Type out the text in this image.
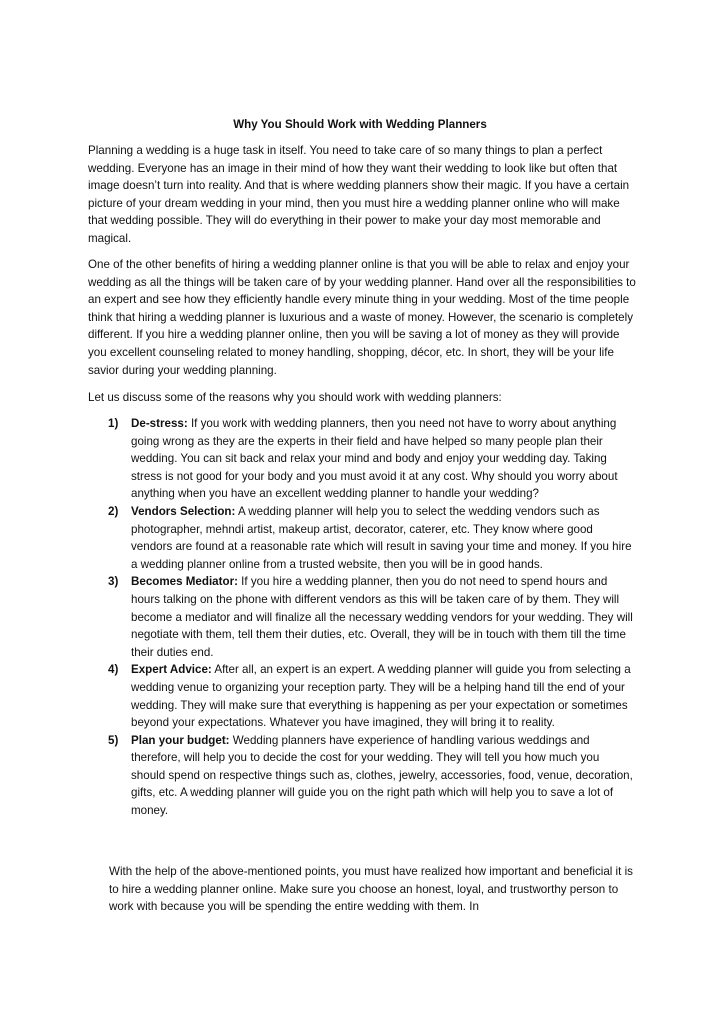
Why You Should Work with Wedding Planners

Planning a wedding is a huge task in itself. You need to take care of so many things to plan a perfect wedding. Everyone has an image in their mind of how they want their wedding to look like but often that image doesn’t turn into reality. And that is where wedding planners show their magic. If you have a certain picture of your dream wedding in your mind, then you must hire a wedding planner online who will make that wedding possible. They will do everything in their power to make your day most memorable and magical.

One of the other benefits of hiring a wedding planner online is that you will be able to relax and enjoy your wedding as all the things will be taken care of by your wedding planner. Hand over all the responsibilities to an expert and see how they efficiently handle every minute thing in your wedding. Most of the time people think that hiring a wedding planner is luxurious and a waste of money. However, the scenario is completely different. If you hire a wedding planner online, then you will be saving a lot of money as they will provide you excellent counseling related to money handling, shopping, décor, etc. In short, they will be your life savior during your wedding planning.

Let us discuss some of the reasons why you should work with wedding planners:

1) De-stress: If you work with wedding planners, then you need not have to worry about anything going wrong as they are the experts in their field and have helped so many people plan their wedding. You can sit back and relax your mind and body and enjoy your wedding day. Taking stress is not good for your body and you must avoid it at any cost. Why should you worry about anything when you have an excellent wedding planner to handle your wedding?
2) Vendors Selection: A wedding planner will help you to select the wedding vendors such as photographer, mehndi artist, makeup artist, decorator, caterer, etc. They know where good vendors are found at a reasonable rate which will result in saving your time and money. If you hire a wedding planner online from a trusted website, then you will be in good hands.
3) Becomes Mediator: If you hire a wedding planner, then you do not need to spend hours and hours talking on the phone with different vendors as this will be taken care of by them. They will become a mediator and will finalize all the necessary wedding vendors for your wedding. They will negotiate with them, tell them their duties, etc. Overall, they will be in touch with them till the time their duties end.
4) Expert Advice: After all, an expert is an expert. A wedding planner will guide you from selecting a wedding venue to organizing your reception party. They will be a helping hand till the end of your wedding. They will make sure that everything is happening as per your expectation or sometimes beyond your expectations. Whatever you have imagined, they will bring it to reality.
5) Plan your budget: Wedding planners have experience of handling various weddings and therefore, will help you to decide the cost for your wedding. They will tell you how much you should spend on respective things such as, clothes, jewelry, accessories, food, venue, decoration, gifts, etc. A wedding planner will guide you on the right path which will help you to save a lot of money.

With the help of the above-mentioned points, you must have realized how important and beneficial it is to hire a wedding planner online. Make sure you choose an honest, loyal, and trustworthy person to work with because you will be spending the entire wedding with them. In
